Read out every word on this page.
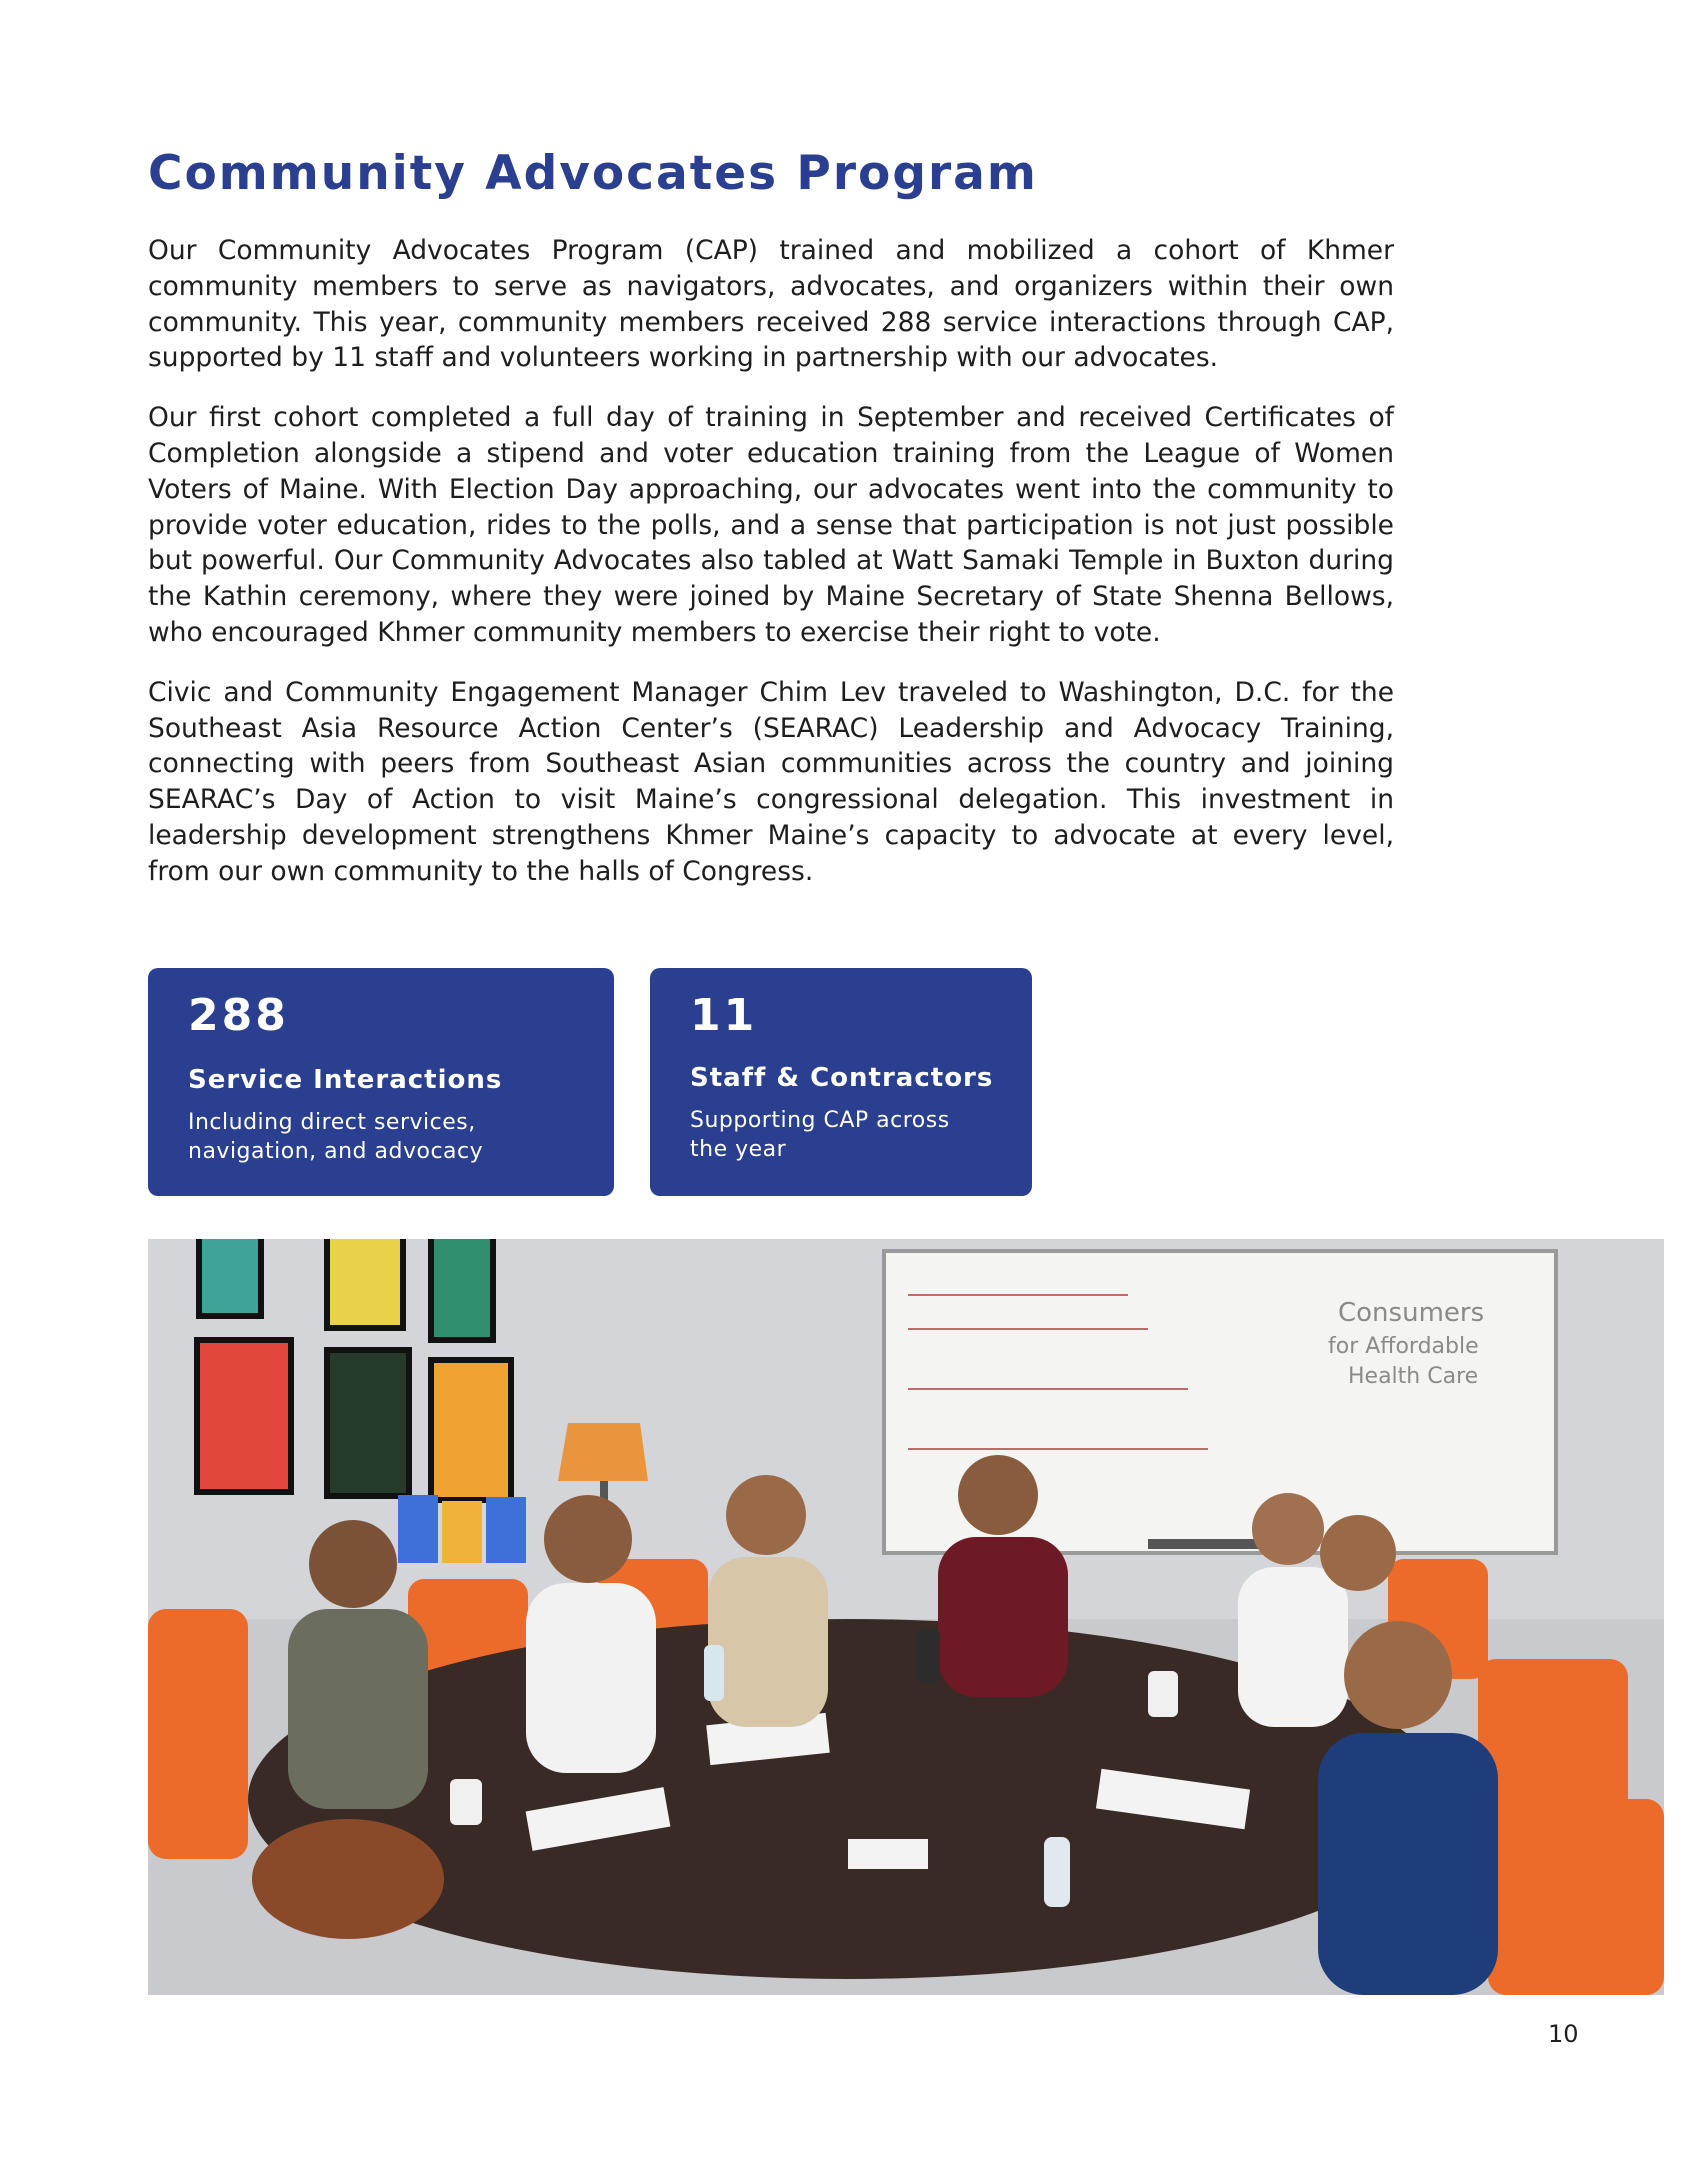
Community Advocates Program

Our Community Advocates Program (CAP) trained and mobilized a cohort of Khmer community members to serve as navigators, advocates, and organizers within their own community. This year, community members received 288 service interactions through CAP, supported by 11 staff and volunteers working in partnership with our advocates.

Our first cohort completed a full day of training in September and received Certificates of Completion alongside a stipend and voter education training from the League of Women Voters of Maine. With Election Day approaching, our advocates went into the community to provide voter education, rides to the polls, and a sense that participation is not just possible but powerful. Our Community Advocates also tabled at Watt Samaki Temple in Buxton during the Kathin ceremony, where they were joined by Maine Secretary of State Shenna Bellows, who encouraged Khmer community members to exercise their right to vote.

Civic and Community Engagement Manager Chim Lev traveled to Washington, D.C. for the Southeast Asia Resource Action Center’s (SEARAC) Leadership and Advocacy Training, connecting with peers from Southeast Asian communities across the country and joining SEARAC’s Day of Action to visit Maine’s congressional delegation. This investment in leadership development strengthens Khmer Maine’s capacity to advocate at every level, from our own community to the halls of Congress.

288
Service Interactions
Including direct services, navigation, and advocacy
11
Staff & Contractors
Supporting CAP across the year
Consumers
for Affordable
Health Care
10
